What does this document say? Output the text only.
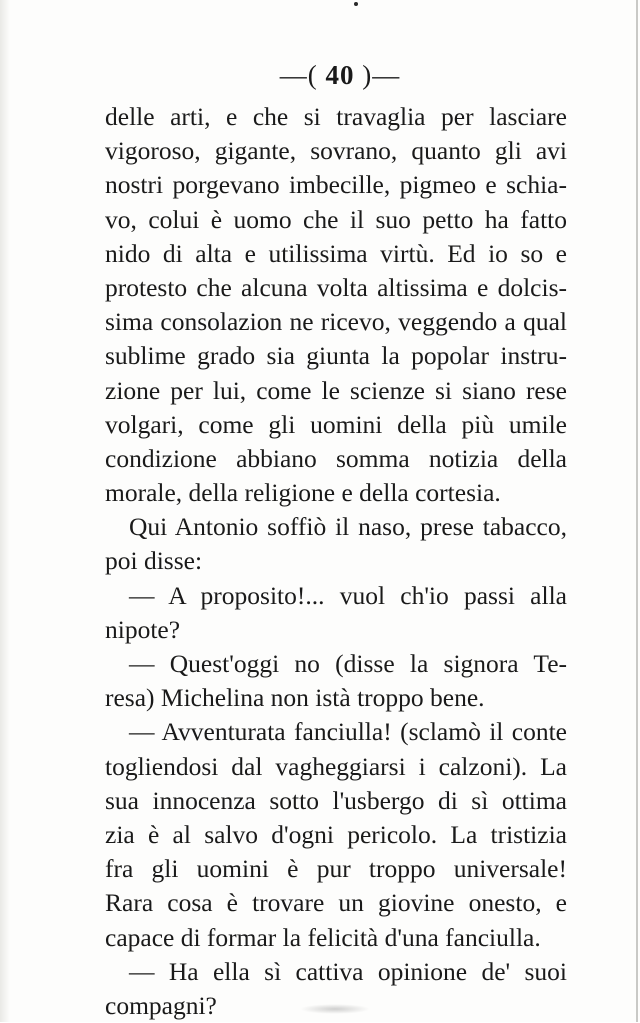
—( 40 )—
delle arti, e che si travaglia per lasciare
vigoroso, gigante, sovrano, quanto gli avi
nostri porgevano imbecille, pigmeo e schia-
vo, colui è uomo che il suo petto ha fatto
nido di alta e utilissima virtù. Ed io so e
protesto che alcuna volta altissima e dolcis-
sima consolazion ne ricevo, veggendo a qual
sublime grado sia giunta la popolar instru-
zione per lui, come le scienze si siano rese
volgari, come gli uomini della più umile
condizione abbiano somma notizia della
morale, della religione e della cortesia.
Qui Antonio soffiò il naso, prese tabacco,
poi disse:
— A proposito!... vuol ch'io passi alla
nipote?
— Quest'oggi no (disse la signora Te-
resa) Michelina non istà troppo bene.
— Avventurata fanciulla! (sclamò il conte
togliendosi dal vagheggiarsi i calzoni). La
sua innocenza sotto l'usbergo di sì ottima
zia è al salvo d'ogni pericolo. La tristizia
fra gli uomini è pur troppo universale!
Rara cosa è trovare un giovine onesto, e
capace di formar la felicità d'una fanciulla.
— Ha ella sì cattiva opinione de' suoi
compagni?
